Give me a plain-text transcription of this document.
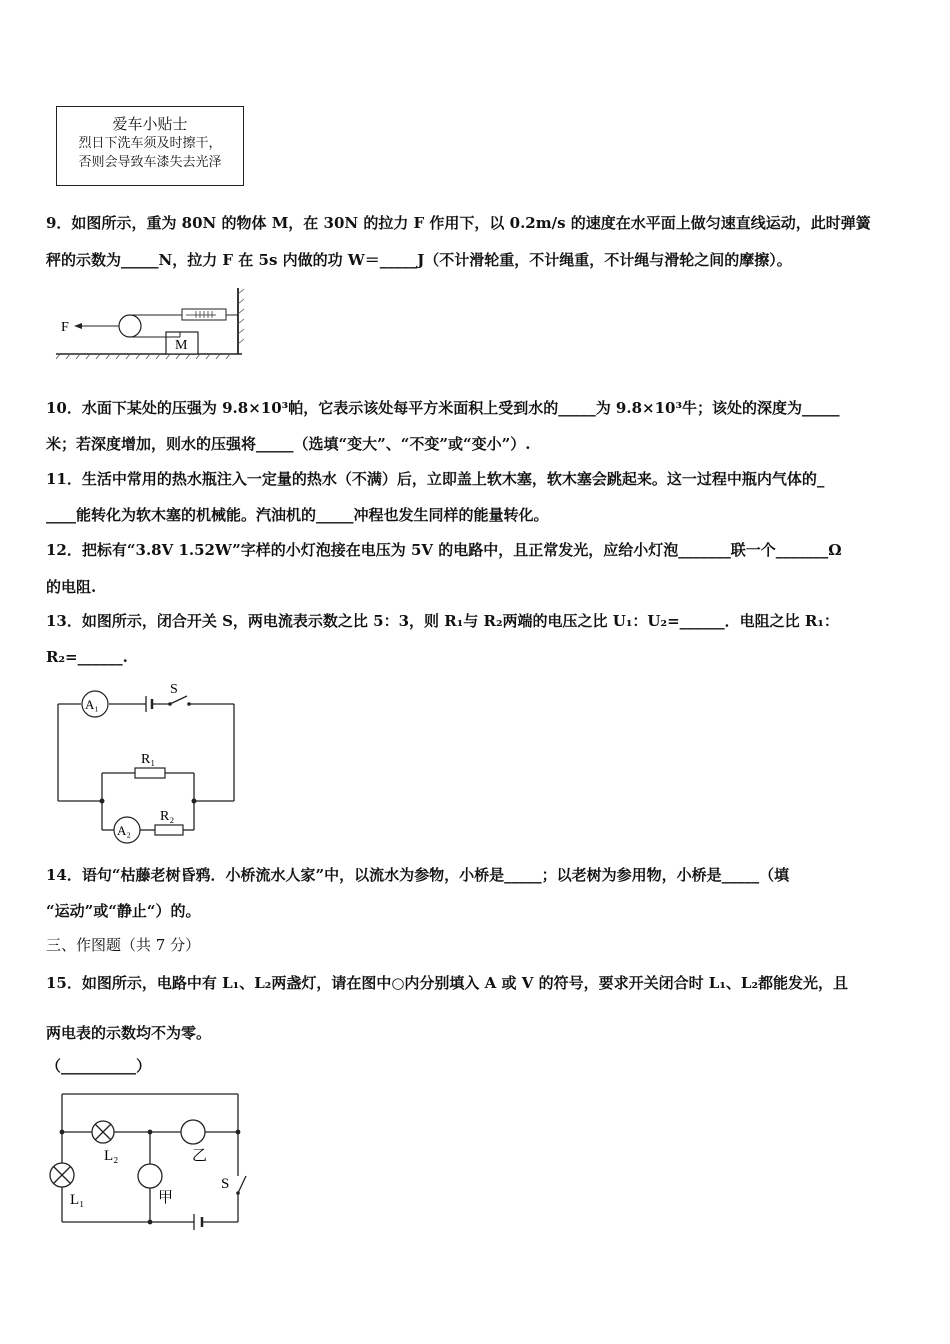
爱车小贴士
烈日下洗车须及时擦干，
否则会导致车漆失去光泽
9．如图所示，重为 80N 的物体 M，在 30N 的拉力 F 作用下，以 0.2m/s 的速度在水平面上做匀速直线运动，此时弹簧
秤的示数为_____N，拉力 F 在 5s 内做的功 W＝_____J（不计滑轮重，不计绳重，不计绳与滑轮之间的摩擦）。
M
F
10．水面下某处的压强为 9.8×10³帕，它表示该处每平方米面积上受到水的_____为 9.8×10³牛；该处的深度为_____
米；若深度增加，则水的压强将_____（选填“变大”、“不变”或“变小”）.
11．生活中常用的热水瓶注入一定量的热水（不满）后，立即盖上软木塞，软木塞会跳起来。这一过程中瓶内气体的_
____能转化为软木塞的机械能。汽油机的_____冲程也发生同样的能量转化。
12．把标有“3.8V 1.52W”字样的小灯泡接在电压为 5V 的电路中，且正常发光，应给小灯泡_______联一个_______Ω
的电阻.
13．如图所示，闭合开关 S，两电流表示数之比 5：3，则 R₁与 R₂两端的电压之比 U₁：U₂=______．电阻之比 R₁：
R₂=______.
A₁
A₂
R₁
R₂
S
14．语句“枯藤老树昏鸦．小桥流水人家”中，以流水为参物，小桥是_____；以老树为参用物，小桥是_____（填
“运动”或“静止“）的。
三、作图题（共 7 分）
15．如图所示，电路中有 L₁、L₂两盏灯，请在图中○内分别填入 A 或 V 的符号，要求开关闭合时 L₁、L₂都能发光，且
两电表的示数均不为零。
（__________）
L₂
L₁	甲
乙
S
